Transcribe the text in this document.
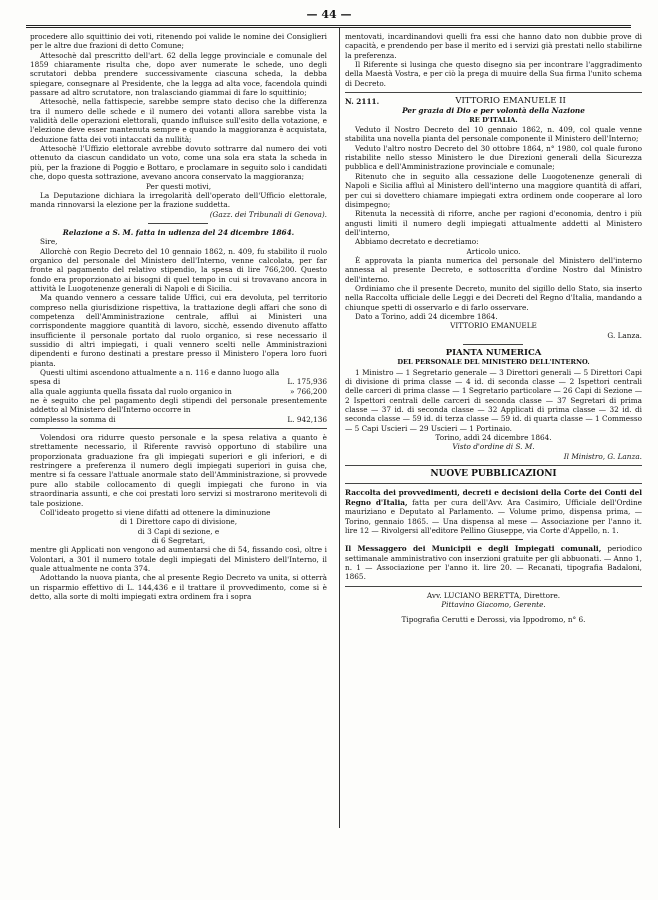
— 44 —

procedere allo squittinio dei voti, ritenendo poi valide le nomine dei Consiglieri per le altre due frazioni di detto Comune;

Attesochè dal prescritto dell'art. 62 della legge provinciale e comunale del 1859 chiaramente risulta che, dopo aver numerate le schede, uno degli scrutatori debba prendere successivamente ciascuna scheda, la debba spiegare, consegnare al Presidente, che la legga ad alta voce, facendola quindi passare ad altro scrutatore, non tralasciando giammai di fare lo squittinio;

Attesochè, nella fattispecie, sarebbe sempre stato deciso che la differenza tra il numero delle schede e il numero dei votanti allora sarebbe vista la validità delle operazioni elettorali, quando influisce sull'esito della votazione, e l'elezione deve esser mantenuta sempre e quando la maggioranza è acquistata, deduzione fatta dei voti intaccati da nullità;

Attesochè l'Uffizio elettorale avrebbe dovuto sottrarre dal numero dei voti ottenuto da ciascun candidato un voto, come una sola era stata la scheda in più, per la frazione di Poggio e Bottaro, e proclamare in seguito solo i candidati che, dopo questa sottrazione, avevano ancora conservato la maggioranza;

Per questi motivi,

La Deputazione dichiara la irregolarità dell'operato dell'Ufficio elettorale, manda rinnovarsi la elezione per la frazione suddetta.

(Gazz. dei Tribunali di Genova).

Relazione a S. M. fatta in udienza del 24 dicembre 1864.

Sire,

Allorchè con Regio Decreto del 10 gennaio 1862, n. 409, fu stabilito il ruolo organico del personale del Ministero dell'Interno, venne calcolata, per far fronte al pagamento del relativo stipendio, la spesa di lire 766,200. Questo fondo era proporzionato ai bisogni di quel tempo in cui si trovavano ancora in attività le Luogotenenze generali di Napoli e di Sicilia.

Ma quando vennero a cessare talide Uffici, cui era devoluta, pel territorio compreso nella giurisdizione rispettiva, la trattazione degli affari che sono di competenza dell'Amministrazione centrale, affluì ai Ministeri una corrispondente maggiore quantità di lavoro, sicchè, essendo divenuto affatto insufficiente il personale portato dal ruolo organico, si rese necessario il sussidio di altri impiegati, i quali vennero scelti nelle Amministrazioni dipendenti e furono destinati a prestare presso il Ministero l'opera loro fuori pianta.

Questi ultimi ascendono attualmente a n. 116 e danno luogo alla

spesa di	L. 175,936
alla quale aggiunta quella fissata dal ruolo organico in	» 766,200

ne è seguito che pel pagamento degli stipendi del personale presentemente addetto al Ministero dell'Interno occorre in

complesso la somma di	L. 942,136

Volendosi ora ridurre questo personale e la spesa relativa a quanto è strettamente necessario, il Riferente ravvisò opportuno di stabilire una proporzionata graduazione fra gli impiegati superiori e gli inferiori, e di restringere a preferenza il numero degli impiegati superiori in guisa che, mentre si fa cessare l'attuale anormale stato dell'Amministrazione, si provvede pure allo stabile collocamento di quegli impiegati che furono in via straordinaria assunti, e che coi prestati loro servizi si mostrarono meritevoli di tale posizione.

Coll'ideato progetto si viene difatti ad ottenere la diminuzione

di 1 Direttore capo di divisione,

di 3 Capi di sezione, e

di 6 Segretari,

mentre gli Applicati non vengono ad aumentarsi che di 54, fissando così, oltre i Volontari, a 301 il numero totale degli impiegati del Ministero dell'Interno, il quale attualmente ne conta 374.

Adottando la nuova pianta, che al presente Regio Decreto va unita, si otterrà un risparmio effettivo di L. 144,436 e il trattare il provvedimento, come si è detto, alla sorte di molti impiegati extra ordinem fra i sopra

mentovati, incardinandovi quelli fra essi che hanno dato non dubbie prove di capacità, e prendendo per base il merito ed i servizi già prestati nello stabilirne la preferenza.

Il Riferente si lusinga che questo disegno sia per incontrare l'aggradimento della Maestà Vostra, e per ciò la prega di muuire della Sua firma l'unito schema di Decreto.

N. 2111.	VITTORIO EMANUELE II

Per grazia di Dio e per volontà della Nazione

RE D'ITALIA.

Veduto il Nostro Decreto del 10 gennaio 1862, n. 409, col quale venne stabilita una novella pianta del personale componente il Ministero dell'Interno;

Veduto l'altro nostro Decreto del 30 ottobre 1864, n° 1980, col quale furono ristabilite nello stesso Ministero le due Direzioni generali della Sicurezza pubblica e dell'Amministrazione provinciale e comunale;

Ritenuto che in seguito alla cessazione delle Luogotenenze generali di Napoli e Sicilia affluì al Ministero dell'interno una maggiore quantità di affari, per cui si dovettero chiamare impiegati extra ordinem onde cooperare al loro disimpegno;

Ritenuta la necessità di riforre, anche per ragioni d'economia, dentro i più angusti limiti il numero degli impiegati attualmente addetti al Ministero dell'interno,

Abbiamo decretato e decretiamo:

Articolo unico.

È approvata la pianta numerica del personale del Ministero dell'interno annessa al presente Decreto, e sottoscritta d'ordine Nostro dal Ministro dell'interno.

Ordiniamo che il presente Decreto, munito del sigillo dello Stato, sia inserto nella Raccolta ufficiale delle Leggi e dei Decreti del Regno d'Italia, mandando a chiunque spetti di osservarlo e di farlo osservare.

Dato a Torino, addì 24 dicembre 1864.

VITTORIO EMANUELE

G. Lanza.

PIANTA NUMERICA

DEL PERSONALE DEL MINISTERO DELL'INTERNO.

1 Ministro — 1 Segretario generale — 3 Direttori generali — 5 Direttori Capi di divisione di prima classe — 4 id. di seconda classe — 2 Ispettori centrali delle carceri di prima classe — 1 Segretario particolare — 26 Capi di Sezione — 2 Ispettori centrali delle carceri di seconda classe — 37 Segretari di prima classe — 37 id. di seconda classe — 32 Applicati di prima classe — 32 id. di seconda classe — 59 id. di terza classe — 59 id. di quarta classe — 1 Commesso — 5 Capi Uscieri — 29 Uscieri — 1 Portinaio.

Torino, addì 24 dicembre 1864.

Visto d'ordine di S. M.

Il Ministro, G. Lanza.

NUOVE PUBBLICAZIONI

Raccolta dei provvedimenti, decreti e decisioni della Corte dei Conti del Regno d'Italia, fatta per cura dell'Avv. Ara Casimiro, Ufficiale dell'Ordine mauriziano e Deputato al Parlamento. — Volume primo, dispensa prima, — Torino, gennaio 1865. — Una dispensa al mese — Associazione per l'anno it. lire 12 — Rivolgersi all'editore Pellino Giuseppe, via Corte d'Appello, n. 1.

Il Messaggero dei Municipii e degli Impiegati comunali, periodico settimanale amministrativo con inserzioni gratuite per gli abbuonati. — Anno 1, n. 1 — Associazione per l'anno it. lire 20. — Recanati, tipografia Badaloni, 1865.

Avv. LUCIANO BERETTA, Direttore.

Pittavino Giacomo, Gerente.

Tipografia Cerutti e Derossi, via Ippodromo, n° 6.
